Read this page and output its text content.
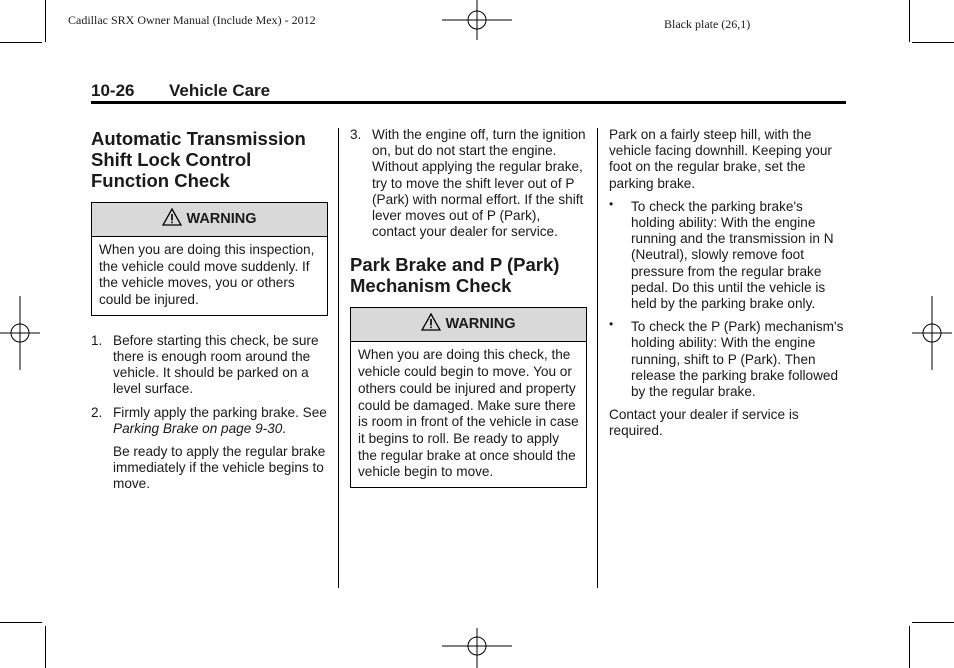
Cadillac SRX Owner Manual (Include Mex) - 2012	Black plate (26,1)
10-26 Vehicle Care
Automatic Transmission Shift Lock Control Function Check
WARNING
When you are doing this inspection, the vehicle could move suddenly. If the vehicle moves, you or others could be injured.
1. Before starting this check, be sure there is enough room around the vehicle. It should be parked on a level surface.
2. Firmly apply the parking brake. See Parking Brake on page 9-30.
Be ready to apply the regular brake immediately if the vehicle begins to move.
3. With the engine off, turn the ignition on, but do not start the engine. Without applying the regular brake, try to move the shift lever out of P (Park) with normal effort. If the shift lever moves out of P (Park), contact your dealer for service.
Park Brake and P (Park) Mechanism Check
WARNING
When you are doing this check, the vehicle could begin to move. You or others could be injured and property could be damaged. Make sure there is room in front of the vehicle in case it begins to roll. Be ready to apply the regular brake at once should the vehicle begin to move.

Park on a fairly steep hill, with the vehicle facing downhill. Keeping your foot on the regular brake, set the parking brake.

• To check the parking brake's holding ability: With the engine running and the transmission in N (Neutral), slowly remove foot pressure from the regular brake pedal. Do this until the vehicle is held by the parking brake only.
• To check the P (Park) mechanism's holding ability: With the engine running, shift to P (Park). Then release the parking brake followed by the regular brake.

Contact your dealer if service is required.
